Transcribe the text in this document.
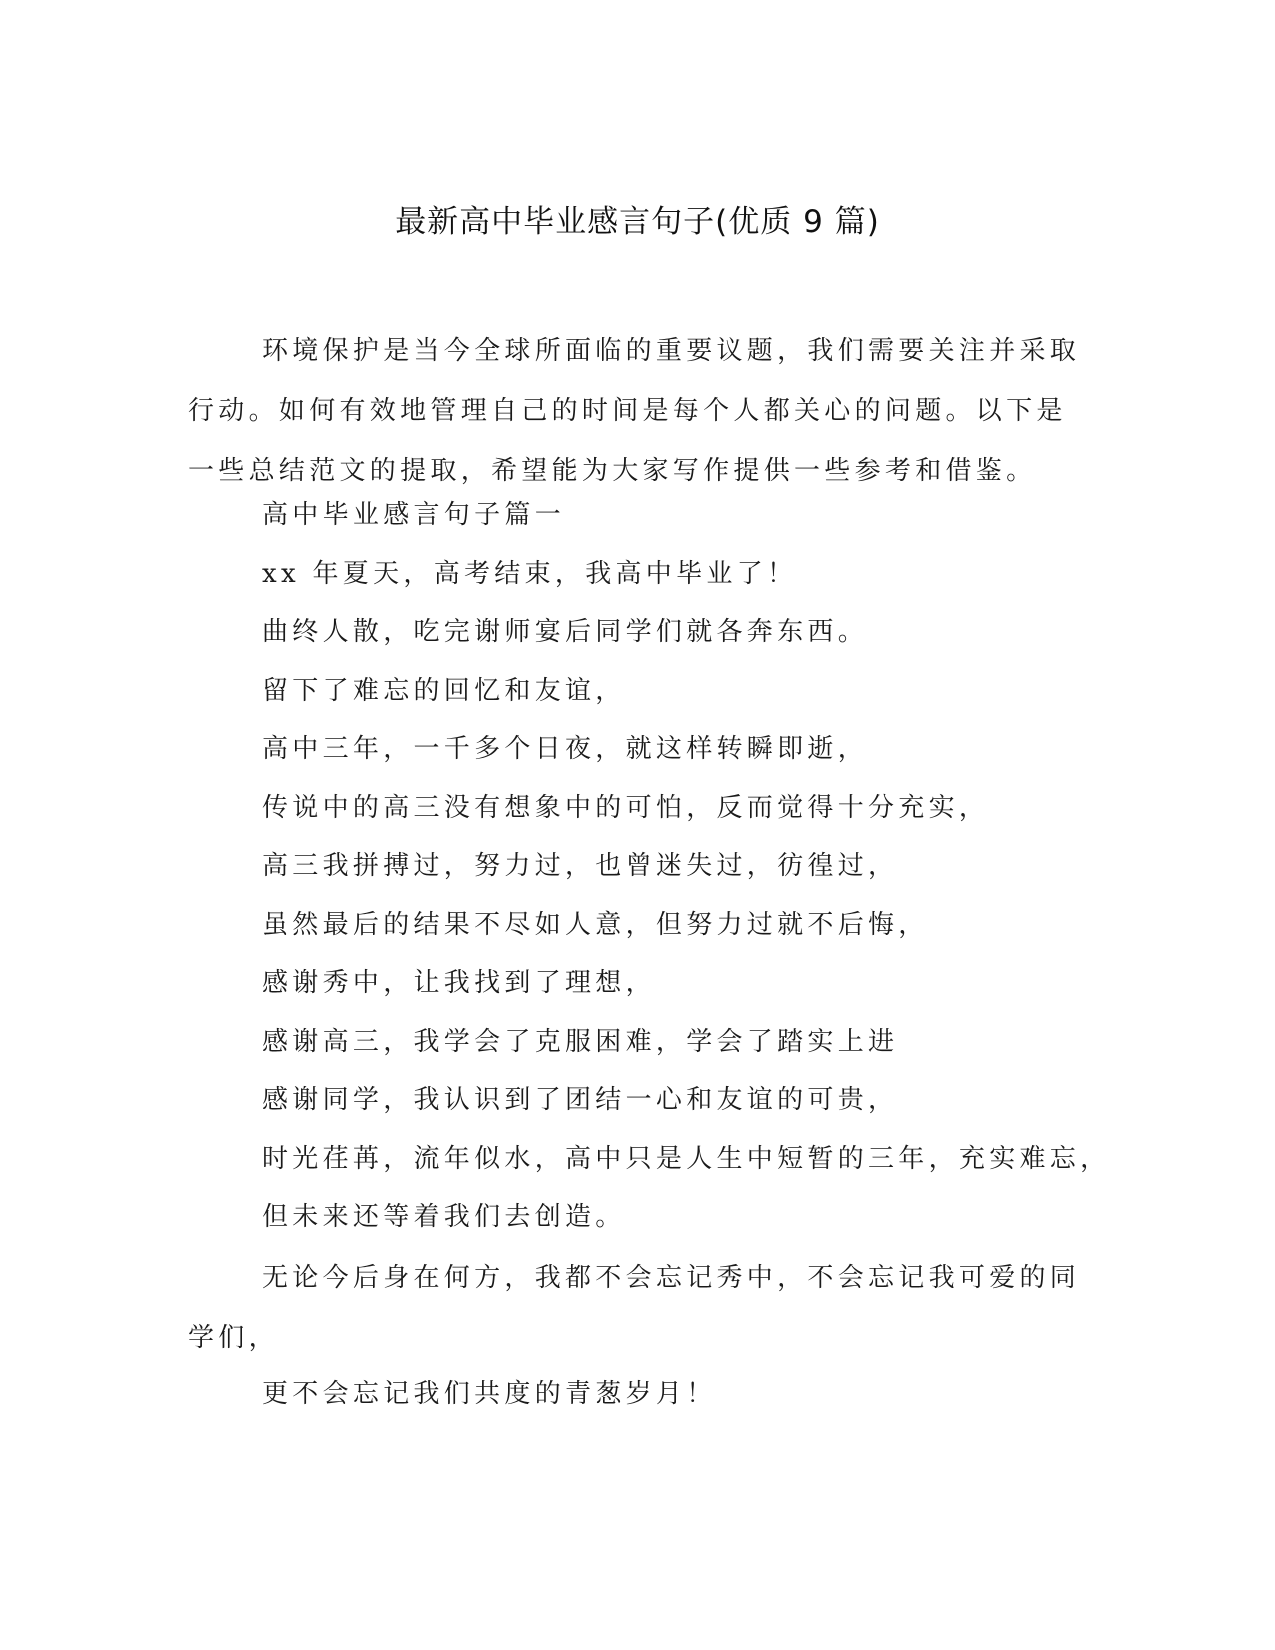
最新高中毕业感言句子(优质 9 篇)

环境保护是当今全球所面临的重要议题，我们需要关注并采取行动。如何有效地管理自己的时间是每个人都关心的问题。以下是一些总结范文的提取，希望能为大家写作提供一些参考和借鉴。

高中毕业感言句子篇一

xx 年夏天，高考结束，我高中毕业了！

曲终人散，吃完谢师宴后同学们就各奔东西。

留下了难忘的回忆和友谊，

高中三年，一千多个日夜，就这样转瞬即逝，

传说中的高三没有想象中的可怕，反而觉得十分充实，

高三我拼搏过，努力过，也曾迷失过，彷徨过，

虽然最后的结果不尽如人意，但努力过就不后悔，

感谢秀中，让我找到了理想，

感谢高三，我学会了克服困难，学会了踏实上进

感谢同学，我认识到了团结一心和友谊的可贵，

时光荏苒，流年似水，高中只是人生中短暂的三年，充实难忘，

但未来还等着我们去创造。

无论今后身在何方，我都不会忘记秀中，不会忘记我可爱的同学们，

更不会忘记我们共度的青葱岁月！
